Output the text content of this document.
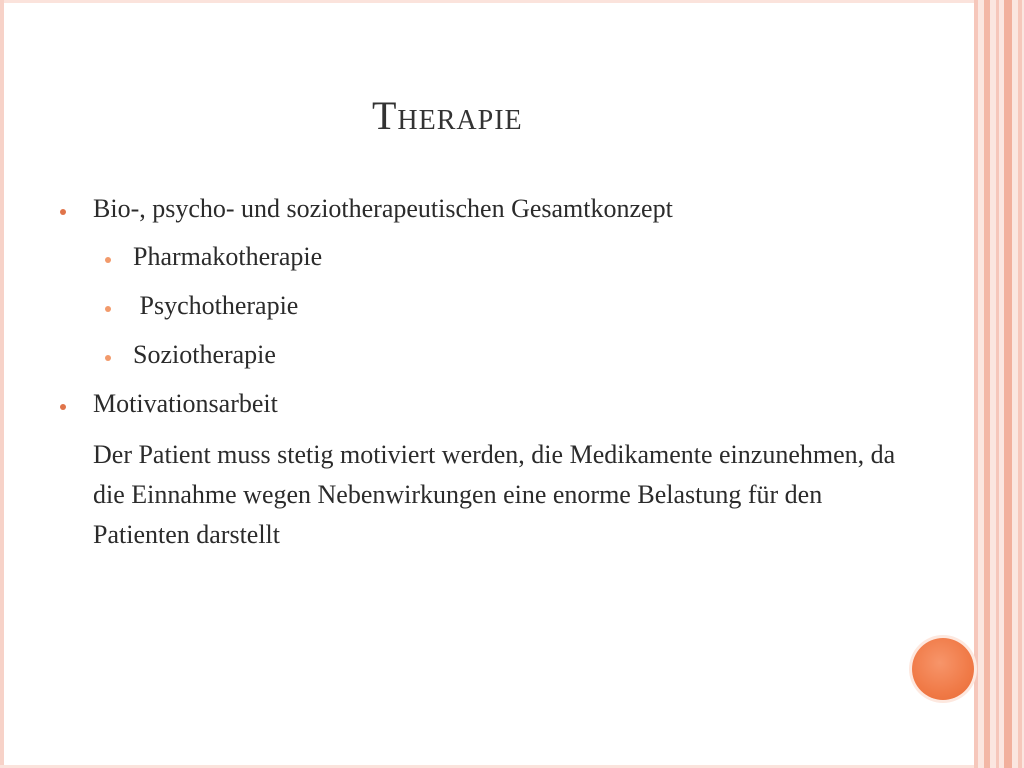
Therapie
Bio-, psycho- und soziotherapeutischen Gesamtkonzept
Pharmakotherapie
Psychotherapie
Soziotherapie
Motivationsarbeit
Der Patient muss stetig motiviert werden, die Medikamente einzunehmen, da die Einnahme wegen Nebenwirkungen eine enorme Belastung für den Patienten darstellt
